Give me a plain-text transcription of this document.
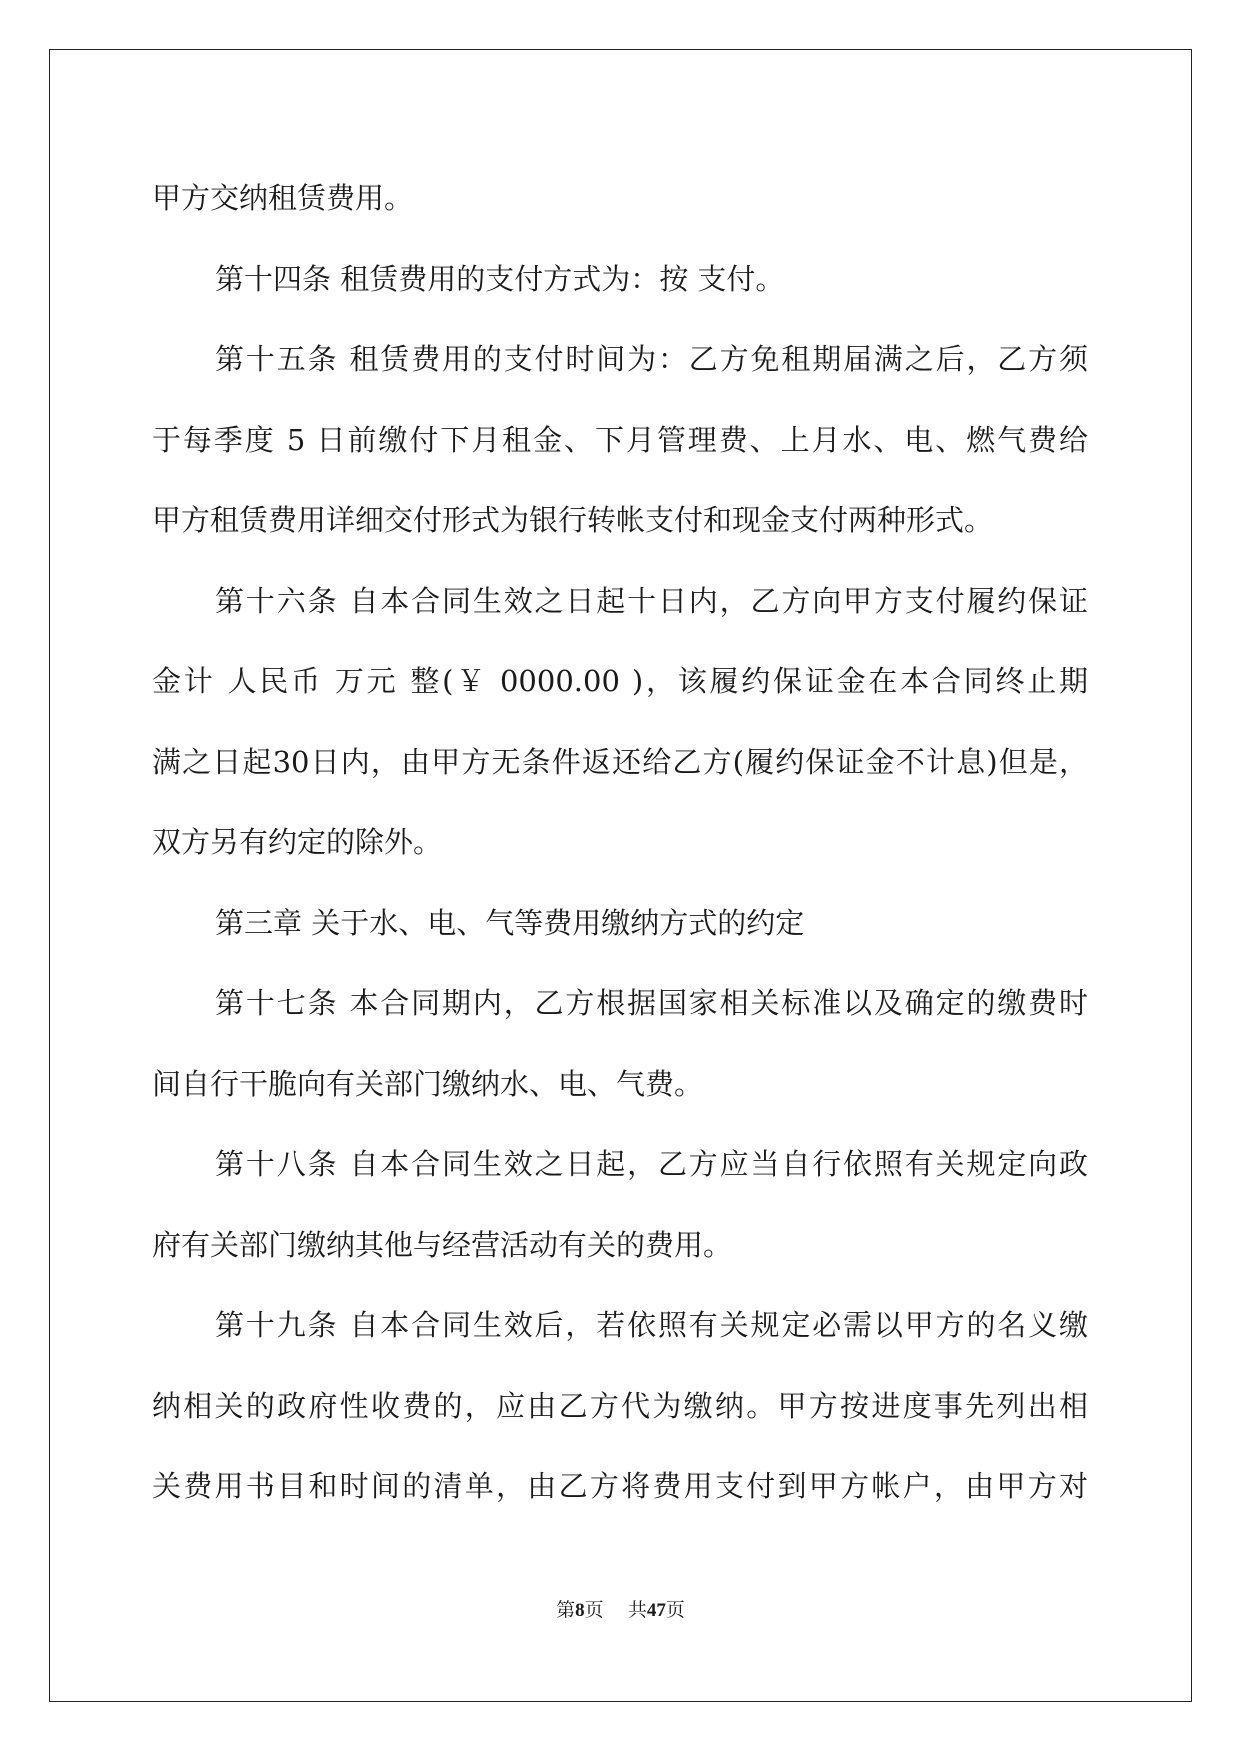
甲方交纳租赁费用。
第十四条 租赁费用的支付方式为：按 支付。
第十五条 租赁费用的支付时间为：乙方免租期届满之后，乙方须
于每季度 5 日前缴付下月租金、下月管理费、上月水、电、燃气费给
甲方租赁费用详细交付形式为银行转帐支付和现金支付两种形式。
第十六条 自本合同生效之日起十日内，乙方向甲方支付履约保证
金计 人民币 万元 整(￥ 0000.00 )，该履约保证金在本合同终止期
满之日起30日内，由甲方无条件返还给乙方(履约保证金不计息)但是，
双方另有约定的除外。
第三章 关于水、电、气等费用缴纳方式的约定
第十七条 本合同期内，乙方根据国家相关标准以及确定的缴费时
间自行干脆向有关部门缴纳水、电、气费。
第十八条 自本合同生效之日起，乙方应当自行依照有关规定向政
府有关部门缴纳其他与经营活动有关的费用。
第十九条 自本合同生效后，若依照有关规定必需以甲方的名义缴
纳相关的政府性收费的，应由乙方代为缴纳。甲方按进度事先列出相
关费用书目和时间的清单，由乙方将费用支付到甲方帐户，由甲方对
第8页 共47页
